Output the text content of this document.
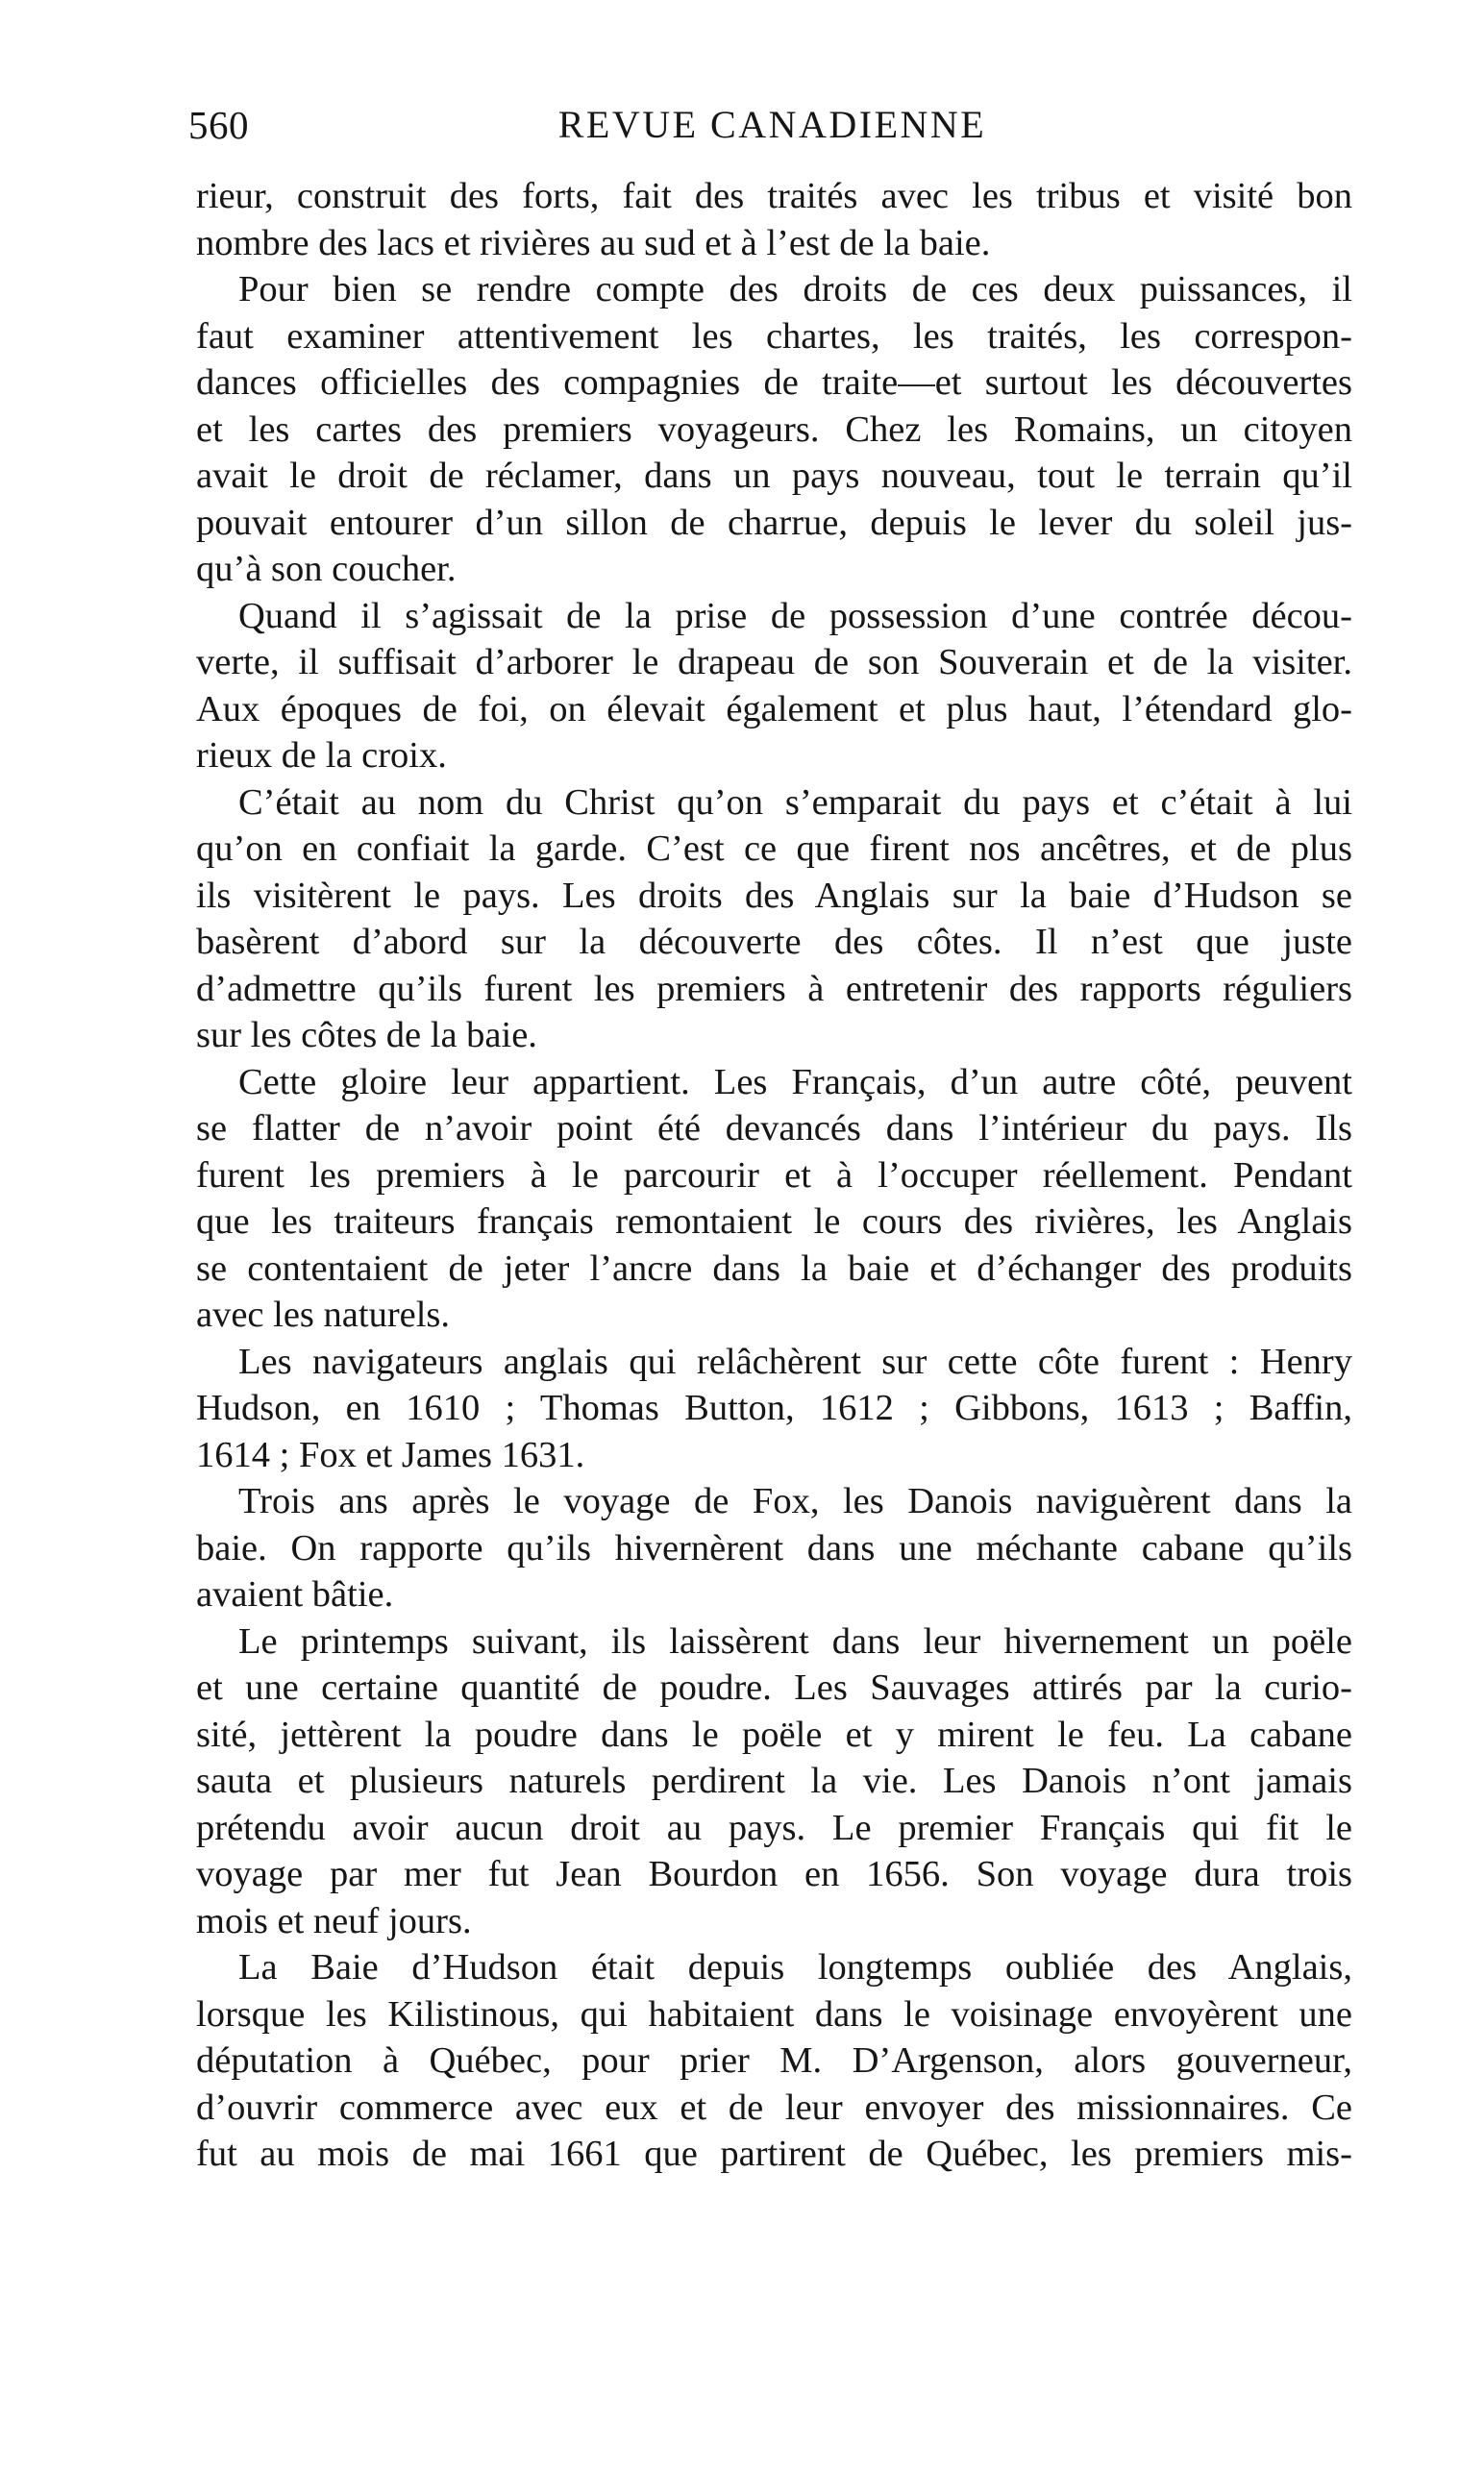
560	REVUE CANADIENNE
rieur, construit des forts, fait des traités avec les tribus et visité bon
nombre des lacs et rivières au sud et à l’est de la baie.
Pour bien se rendre compte des droits de ces deux puissances, il
faut examiner attentivement les chartes, les traités, les correspon-
dances officielles des compagnies de traite—et surtout les découvertes
et les cartes des premiers voyageurs. Chez les Romains, un citoyen
avait le droit de réclamer, dans un pays nouveau, tout le terrain qu’il
pouvait entourer d’un sillon de charrue, depuis le lever du soleil jus-
qu’à son coucher.
Quand il s’agissait de la prise de possession d’une contrée décou-
verte, il suffisait d’arborer le drapeau de son Souverain et de la visiter.
Aux époques de foi, on élevait également et plus haut, l’étendard glo-
rieux de la croix.
C’était au nom du Christ qu’on s’emparait du pays et c’était à lui
qu’on en confiait la garde. C’est ce que firent nos ancêtres, et de plus
ils visitèrent le pays. Les droits des Anglais sur la baie d’Hudson se
basèrent d’abord sur la découverte des côtes. Il n’est que juste
d’admettre qu’ils furent les premiers à entretenir des rapports réguliers
sur les côtes de la baie.
Cette gloire leur appartient. Les Français, d’un autre côté, peuvent
se flatter de n’avoir point été devancés dans l’intérieur du pays. Ils
furent les premiers à le parcourir et à l’occuper réellement. Pendant
que les traiteurs français remontaient le cours des rivières, les Anglais
se contentaient de jeter l’ancre dans la baie et d’échanger des produits
avec les naturels.
Les navigateurs anglais qui relâchèrent sur cette côte furent : Henry
Hudson, en 1610 ; Thomas Button, 1612 ; Gibbons, 1613 ; Baffin,
1614 ; Fox et James 1631.
Trois ans après le voyage de Fox, les Danois naviguèrent dans la
baie. On rapporte qu’ils hivernèrent dans une méchante cabane qu’ils
avaient bâtie.
Le printemps suivant, ils laissèrent dans leur hivernement un poële
et une certaine quantité de poudre. Les Sauvages attirés par la curio-
sité, jettèrent la poudre dans le poële et y mirent le feu. La cabane
sauta et plusieurs naturels perdirent la vie. Les Danois n’ont jamais
prétendu avoir aucun droit au pays. Le premier Français qui fit le
voyage par mer fut Jean Bourdon en 1656. Son voyage dura trois
mois et neuf jours.
La Baie d’Hudson était depuis longtemps oubliée des Anglais,
lorsque les Kilistinous, qui habitaient dans le voisinage envoyèrent une
députation à Québec, pour prier M. D’Argenson, alors gouverneur,
d’ouvrir commerce avec eux et de leur envoyer des missionnaires. Ce
fut au mois de mai 1661 que partirent de Québec, les premiers mis-
